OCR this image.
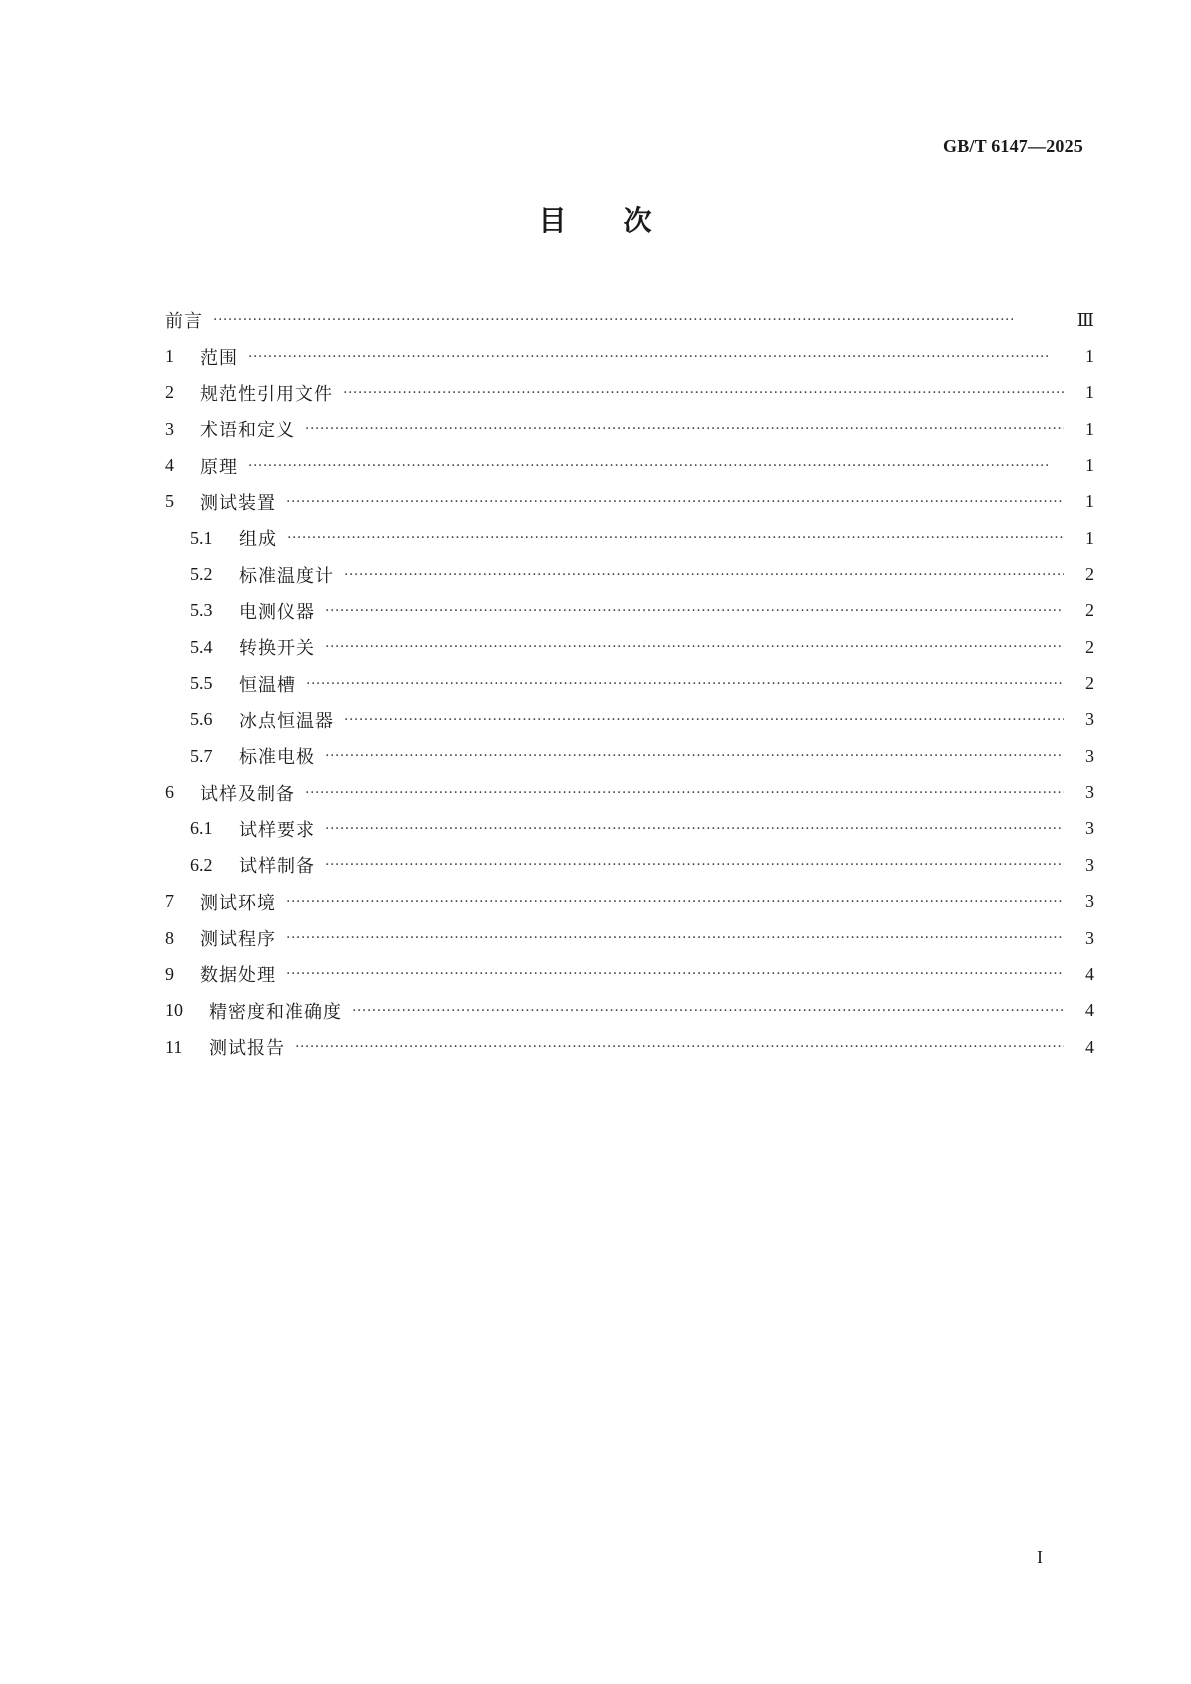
GB/T 6147—2025
目 次
前言 ·····	Ⅲ
1	范围 ·····	1
2	规范性引用文件 ·····	1
3	术语和定义 ·····	1
4	原理 ·····	1
5	测试装置 ·····	1
5.1	组成 ·····	1
5.2	标准温度计 ·····	2
5.3	电测仪器 ·····	2
5.4	转换开关 ·····	2
5.5	恒温槽 ·····	2
5.6	冰点恒温器 ·····	3
5.7	标准电极 ·····	3
6	试样及制备 ·····	3
6.1	试样要求 ·····	3
6.2	试样制备 ·····	3
7	测试环境 ·····	3
8	测试程序 ·····	3
9	数据处理 ·····	4
10	精密度和准确度 ·····	4
11	测试报告 ·····	4
I
